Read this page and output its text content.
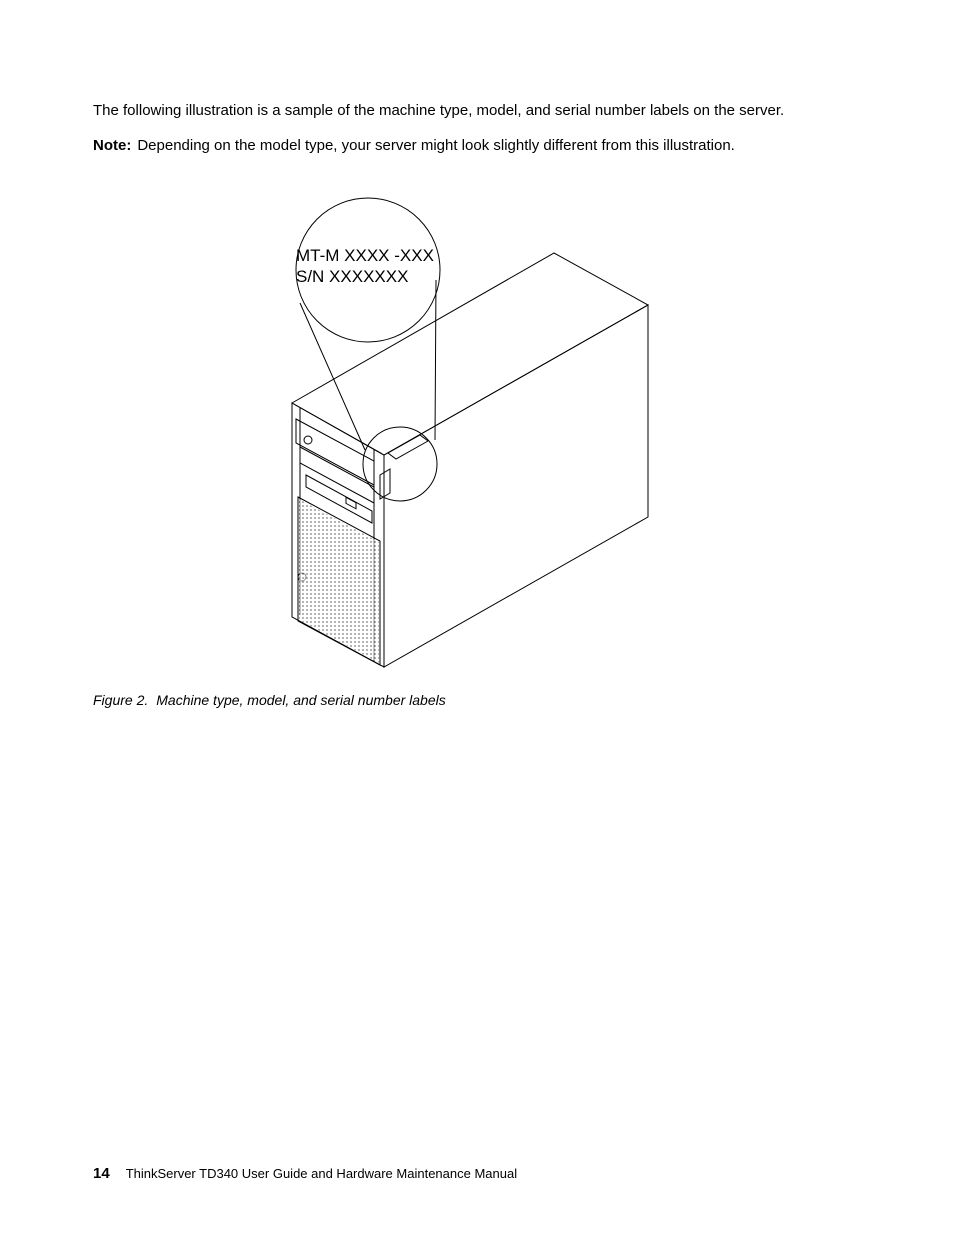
The following illustration is a sample of the machine type, model, and serial number labels on the server.

Note: Depending on the model type, your server might look slightly different from this illustration.

MT-M XXXX -XXX
S/N XXXXXXX

Figure 2. Machine type, model, and serial number labels

14 ThinkServer TD340 User Guide and Hardware Maintenance Manual
